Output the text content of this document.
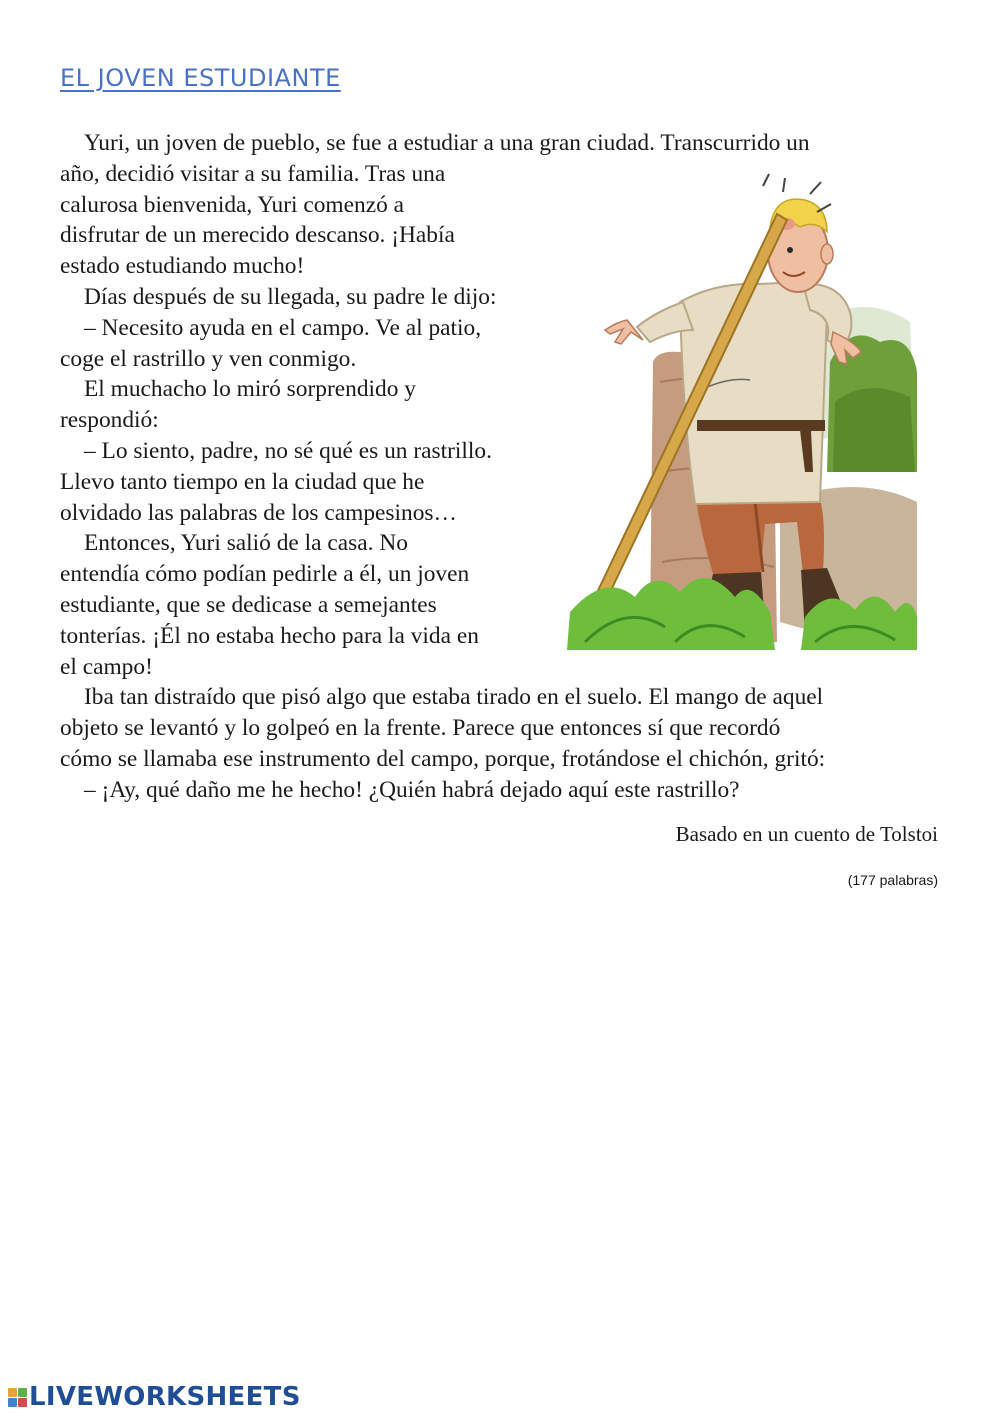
EL JOVEN ESTUDIANTE

Yuri, un joven de pueblo, se fue a estudiar a una gran ciudad. Transcurrido un
año, decidió visitar a su familia. Tras una
calurosa bienvenida, Yuri comenzó a
disfrutar de un merecido descanso. ¡Había
estado estudiando mucho!

Días después de su llegada, su padre le dijo:

– Necesito ayuda en el campo. Ve al patio,
coge el rastrillo y ven conmigo.

El muchacho lo miró sorprendido y
respondió:

– Lo siento, padre, no sé qué es un rastrillo.
Llevo tanto tiempo en la ciudad que he
olvidado las palabras de los campesinos…

Entonces, Yuri salió de la casa. No
entendía cómo podían pedirle a él, un joven
estudiante, que se dedicase a semejantes
tonterías. ¡Él no estaba hecho para la vida en
el campo!

Iba tan distraído que pisó algo que estaba tirado en el suelo. El mango de aquel
objeto se levantó y lo golpeó en la frente. Parece que entonces sí que recordó
cómo se llamaba ese instrumento del campo, porque, frotándose el chichón, gritó:

– ¡Ay, qué daño me he hecho! ¿Quién habrá dejado aquí este rastrillo?

Basado en un cuento de Tolstoi
(177 palabras)
LIVEWORKSHEETS
